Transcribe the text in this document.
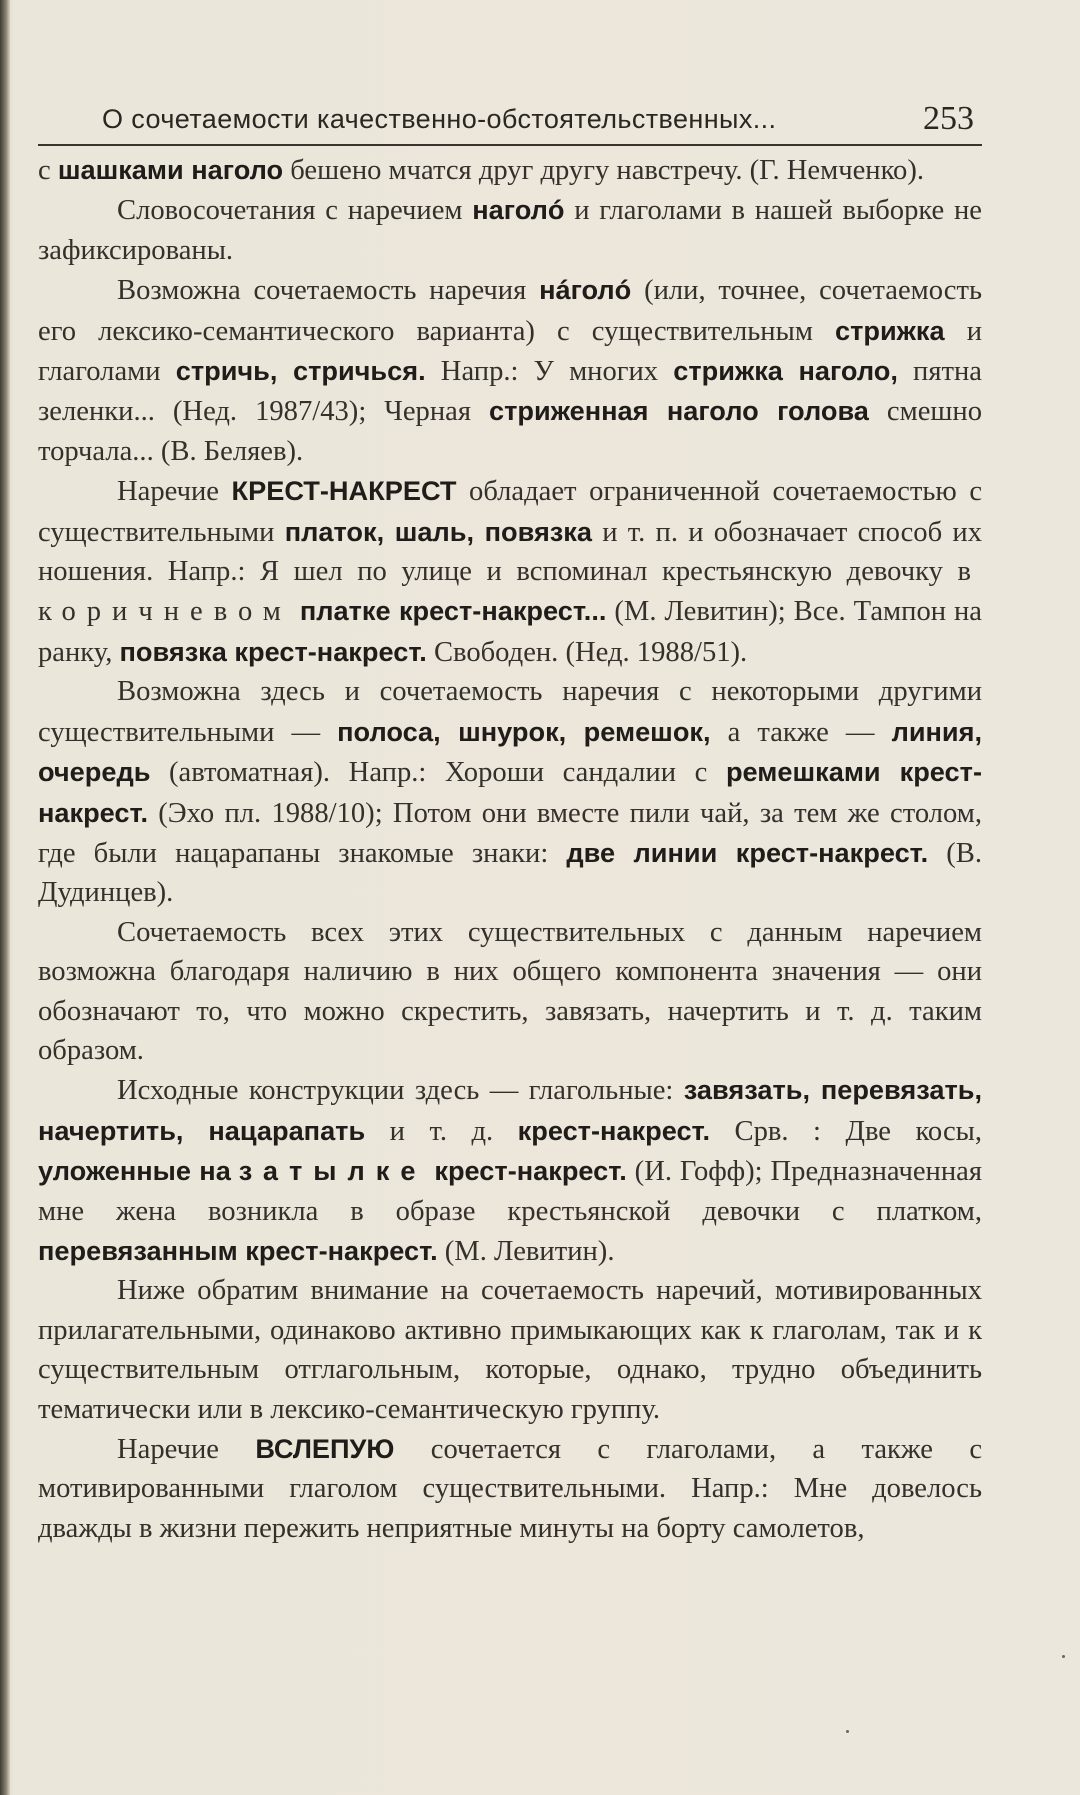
О сочетаемости качественно-обстоятельственных...	253

с шашками наголо бешено мчатся друг другу навстречу. (Г. Немченко).

Словосочетания с наречием наголó и глаголами в нашей выборке не зафиксированы.

Возможна сочетаемость наречия нáголó (или, точнее, сочетаемость его лексико-семантического варианта) с существительным стрижка и глаголами стричь, стричься. Напр.: У многих стрижка наголо, пятна зеленки... (Нед. 1987/43); Черная стриженная наголо голова смешно торчала... (В. Беляев).

Наречие КРЕСТ-НАКРЕСТ обладает ограниченной сочетаемостью с существительными платок, шаль, повязка и т. п. и обозначает способ их ношения. Напр.: Я шел по улице и вспоминал крестьянскую девочку в коричневом платке крест-накрест... (М. Левитин); Все. Тампон на ранку, повязка крест-накрест. Свободен. (Нед. 1988/51).

Возможна здесь и сочетаемость наречия с некоторыми другими существительными — полоса, шнурок, ремешок, а также — линия, очередь (автоматная). Напр.: Хороши сандалии с ремешками крест-накрест. (Эхо пл. 1988/10); Потом они вместе пили чай, за тем же столом, где были нацарапаны знакомые знаки: две линии крест-накрест. (В. Дудинцев).

Сочетаемость всех этих существительных с данным наречием возможна благодаря наличию в них общего компонента значения — они обозначают то, что можно скрестить, завязать, начертить и т. д. таким образом.

Исходные конструкции здесь — глагольные: завязать, перевязать, начертить, нацарапать и т. д. крест-накрест. Срв. : Две косы, уложенные на затылке крест-накрест. (И. Гофф); Предназначенная мне жена возникла в образе крестьянской девочки с платком, перевязанным крест-накрест. (М. Левитин).

Ниже обратим внимание на сочетаемость наречий, мотивированных прилагательными, одинаково активно примыкающих как к глаголам, так и к существительным отглагольным, которые, однако, трудно объединить тематически или в лексико-семантическую группу.

Наречие ВСЛЕПУЮ сочетается с глаголами, а также с мотивированными глаголом существительными. Напр.: Мне довелось дважды в жизни пережить неприятные минуты на борту самолетов,
